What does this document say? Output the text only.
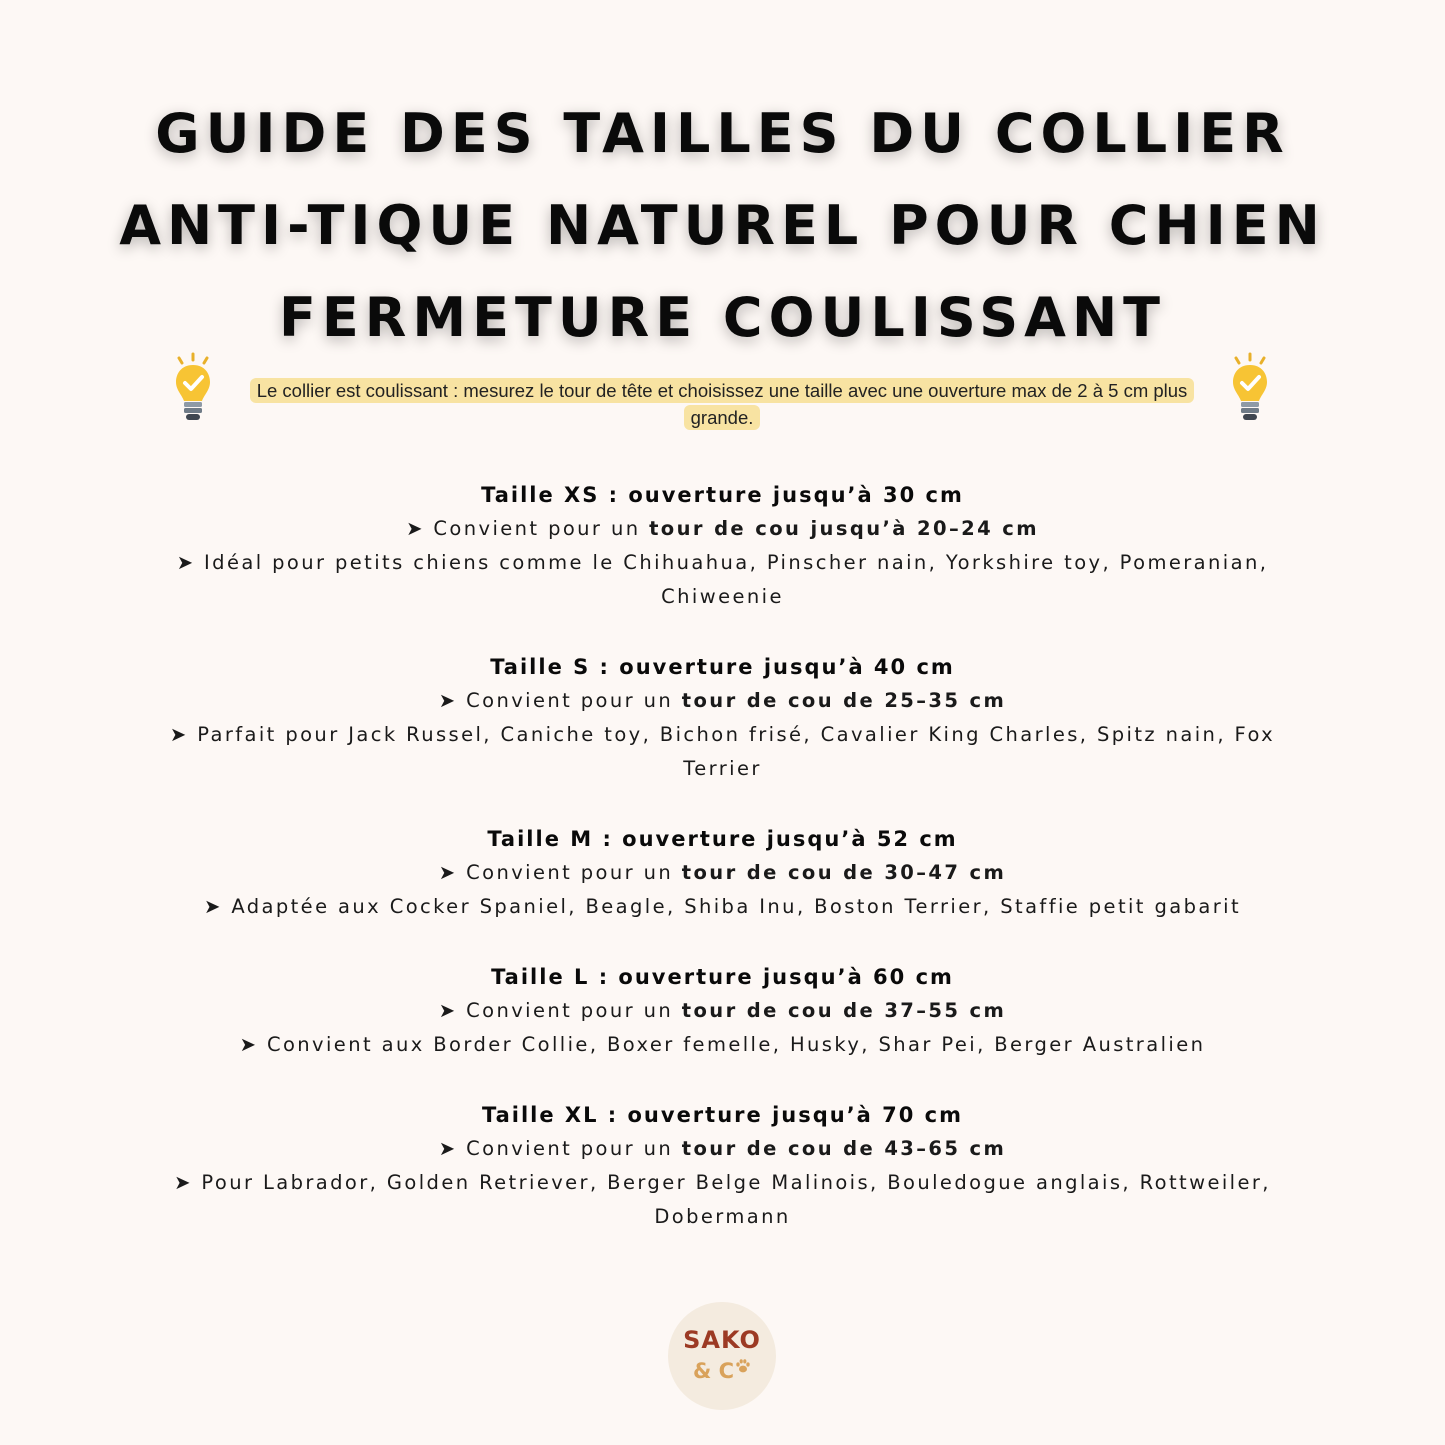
GUIDE DES TAILLES DU COLLIER
ANTI-TIQUE NATUREL POUR CHIEN
FERMETURE COULISSANT
Le collier est coulissant : mesurez le tour de tête et choisissez une taille avec une ouverture max de 2 à 5 cm plus grande.
Taille XS : ouverture jusqu’à 30 cm
➤ Convient pour un tour de cou jusqu’à 20–24 cm
➤ Idéal pour petits chiens comme le Chihuahua, Pinscher nain, Yorkshire toy, Pomeranian, Chiweenie
Taille S : ouverture jusqu’à 40 cm
➤ Convient pour un tour de cou de 25–35 cm
➤ Parfait pour Jack Russel, Caniche toy, Bichon frisé, Cavalier King Charles, Spitz nain, Fox Terrier
Taille M : ouverture jusqu’à 52 cm
➤ Convient pour un tour de cou de 30–47 cm
➤ Adaptée aux Cocker Spaniel, Beagle, Shiba Inu, Boston Terrier, Staffie petit gabarit
Taille L : ouverture jusqu’à 60 cm
➤ Convient pour un tour de cou de 37–55 cm
➤ Convient aux Border Collie, Boxer femelle, Husky, Shar Pei, Berger Australien
Taille XL : ouverture jusqu’à 70 cm
➤ Convient pour un tour de cou de 43–65 cm
➤ Pour Labrador, Golden Retriever, Berger Belge Malinois, Bouledogue anglais, Rottweiler, Dobermann
SAKO
& C
